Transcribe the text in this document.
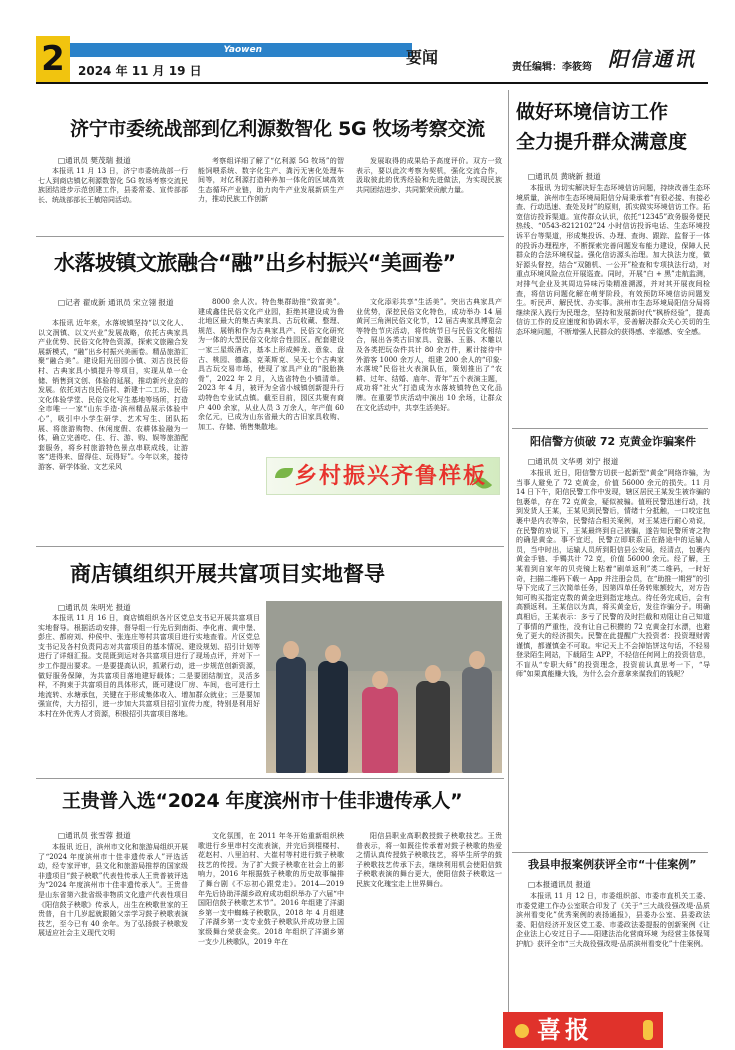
2	Yaowen
2024 年 11 月 19 日
要闻
责任编辑：李筱筠 阳信通讯
济宁市委统战部到亿利源数智化 5G 牧场考察交流
□通讯员 樊茂瑞 报道

本报讯 11 月 13 日，济宁市委统战部一行七人到商店镇亿利源数智化 5G 牧场考察交流民族团结进步示范创建工作，县委常委、宣传部部长、统战部部长王敏陪同活动。

考察组详细了解了“亿利源 5G 牧场”的智能饲喂系统、数字化生产、粪污无害化处理车间等，对亿利源打造种养加一体化的区域高效生态循环产业链，助力肉牛产业发展新质生产力，推动民族工作创新

发展取得的成果给予高度评价。双方一致表示，要以此次考察为契机，强化交流合作，汲取彼此的优秀经验和先进做法，为实现民族共同团结进步、共同繁荣贡献力量。

水落坡镇文旅融合“融”出乡村振兴“美画卷”
□记者 翟成新 通讯员 宋立翎 报道

本报讯 近年来，水落坡镇坚持“以文化人、以文润镇、以文兴业”发展战略，依托古典家具产业优势、民俗文化特色资源，探索文旅融合发展新模式，“融”出乡村振兴美画卷。精品旅游汇聚“融合美”。建设阳光田园小镇、刘古良民俗村、古典家具小镇提升等项目，实现从单一仓储、销售到文创、体验的延展，推动新兴业态的发展。依托刘古良民俗村、新建十二工坊、民俗文化体验学堂、民俗文化写生基地等场所，打造全市唯一一家“山东手造·滨州精品展示体验中心”，吸引中小学生研学、艺术写生、团队拓展、将旅游购物、休闲度假、农耕体验融为一体，确立完善吃、住、行、游、购、娱等旅游配套服务，将乡村旅游特色景点串联成线，让游客“进得来、留得住、玩得好”。今年以来，接待游客、研学体验、文艺采风

8000 余人次。特色集群助推“致富美”。建成鑫佳民俗文化产业园，拒绝其建设成为鲁北地区最大的集古典家具、古玩收藏、整理、规范、展销和作为古典家具产、民俗文化研究为一体的大型民俗文化综合性园区。配套建设一家三星级酒店，基本上形成鲜龙、意象、盘古、桃园、德鑫、克莱斯克、吴天七个古典家具古玩交易市场，使现了家具产业的“脱胎换骨”，2022 年 2 月，入选省特色小镇清单。2023 年 4 月，被评为全省小城镇创新提升行动特色专业试点镇。截至目前，园区共聚有商户 400 余家，从业人员 3 万余人，年产值 60 余亿元，已成为山东省最大的古旧家具收购、加工、存储、销售集散地。

文化添彩共享“生活美”。突出古典家具产业优势，深挖民俗文化特色，成功举办 14 届黄河三角洲民俗文化节，12 届古典家具博览会等特色节庆活动，将传统节日与民俗文化相结合，展出各类古旧家具、瓷器、玉器、木雕以及各类把玩杂件共计 80 余万件，累计接待中外游客 1000 余万人，组建 200 余人的“印象·水落坡”民俗社火表演队伍，策划推出了“农耕、过年、结婚、庙年、青年”五个表演主题，成功将“社火”打造成为水落坡镇特色文化品牌。在重要节庆活动中演出 10 余场，让群众在文化活动中，共享生活美好。

乡村振兴齐鲁样板
商店镇组织开展共富项目实地督导
□通讯员 朱明光 报道

本报讯 11 月 16 日，商店镇组织各片区党总支书记开展共富项目实地督导。根据活动安排，督导组一行先后到南街、李化甫、黄中堡、彭庄、都府刘、仲侯中、张连庄等村共富项目进行实地查看。片区党总支书记及各村负责同志对共富项目的基本情况、建设规划、招引计划等进行了详细汇报。支昆既到运对各共富项目进行了现场点评，并对下一步工作提出要求。一是要提高认识，抓紧行动，进一步规范创新资源，做好服务保障，为共富项目落地建好载体；二是要团结制宜，灵活多样，不拘束于共富项目的具体形式，既可建设厂房、车间，也可进行土地流转、水塘承包，关键在于形成集体收入、增加群众就业；三是要加强宣传，大力招引，进一步加大共富项目招引宣传力度，特别是利用好本村在外优秀人才资源，积极招引共富项目落地。

王贵普入选“2024 年度滨州市十佳非遗传承人”
□通讯员 张雪蓉 报道

本报讯 近日，滨州市文化和旅游局组织开展了“2024 年度滨州市十佳非遗传承人”评选活动，经专家评审，县文化和旅游局推荐的国家级非遗项目“鼓子秧歌”代表性传承人王贵普被评选为“2024 年度滨州市十佳非遗传承人”。王贵普是山东省第六批省级非物质文化遗产代表性项目《阳信鼓子秧歌》传承人，出生在秧歌世家的王贵普，自十几岁起就跟随父亲学习鼓子秧歌表演技艺，至今已有 40 余年。为了弘扬鼓子秧歌发展适应社会主义现代文明

文化氛围，在 2011 年冬开始重新组织秧歌进行乡里串村交流表演，并完后到棍楼村、花赵村、八里泊村、大崔村等村进行鼓子秧歌技艺的传授。为了扩大鼓子秧歌在社会上的影响力，2016 年根据鼓子秧歌的历史故事编排了舞台剧《不忘初心跟党走》。2014—2019 年先后协助洋湖乡政府成功组织举办了六届“中国阳信鼓子秧歌艺术节”。2016 年组建了洋湖乡第一支中蜘蛛子秧歌队，2018 年 4 月组建了洋湖乡第一支专业鼓子秧歌队并成功登上国家级舞台荣获金奖。2018 年组织了洋湖乡第一支少儿秧歌队，2019 年在

阳信县职业高职教授鼓子秧歌技艺。王贵普表示，将一如既往传承着对鼓子秧歌的热爱之情认真传授鼓子秧歌技艺，将毕生所学的鼓子秧歌技艺传承下去，继续利用机会使阳信鼓子秧歌表演的舞台更大，使阳信鼓子秧歌这一民族文化瑰宝走上世界舞台。

做好环境信访工作
全力提升群众满意度
□通讯员 黄晓新 报道

本报讯 为切实解决好生态环境信访问题，持续改善生态环境质量，滨州市生态环境局阳信分局秉承着“有很必接、有接必查、行动迅速、查处及时”的原则，抓实做实环境信访工作。拓宽信访投诉渠道。宣传群众认识，依托“12345”政务服务便民热线、“0543-8212102”24 小时信访投诉电话、生态环境投诉平台等渠道，形成集投诉、办理、查询、跟踪、监督于一体的投诉办理程序，不断探索完善问题发布能力建设，保障人民群众的合法环境权益。强化信访源头治理。加大执法力度，做好源头督控，结合“双随机、一公开”检查和专项执法行动，对重点环境风险点位开展巡查。同时，开展“白 + 黑”走航监测，对排气企业及其周边异味污染精准溯源，并对其开展夜间检查，将信访问题化解在萌芽阶段，有效预防环境信访问题发生。听民声、解民忧、办实事。滨州市生态环境局阳信分局将继续深入践行为民理念，坚持和发展新时代“枫桥经验”，提高信访工作的反应速度和协调水平，妥善解决群众关心关切的生态环境问题，不断增强人民群众的获得感、幸福感、安全感。

阳信警方侦破 72 克黄金诈骗案件
□通讯员 文华勇 刘宁 报道

本报讯 近日，阳信警方切获一起新型“黄金”网络诈骗，为当事人避免了 72 克黄金，价值 56000 余元的损失。11 月 14 日下午，阳信民警工作中发现，辖区居民王某发生被诈骗的包裹单，存在 72 克黄金，疑似被骗。值班民警迅速行动，找到发货人王某，王某见到民警后，情绪十分抵触，一口咬定包裹中是内衣等杂，民警结合相关案例，对王某进行耐心劝说，在民警的劝说下，王某最终到自己被骗，遂告知民警所寄之物的确是黄金。事不宜迟，民警立即联系正在路途中的运输人员，当中时出，运输人员所到阳信县公安局，经清点，包裹内黄金手链、手镯共计 72 克，价值 56000 余元。经了解，王某看到自家年的贝壳镜上粘着“刷单返利”类二维码，一时好奇，扫描二维码下载一 App 并注册会员，在“助推一期营”的引导下完成了三次简单任务，因第四单任务转账额较大，对方告知可购买指定克数的黄金进到指定地点。待任务完成后，会有高额返利。王某信以为真，将买黄金后，发往诈骗分子。明确真相后，王某表示：多亏了民警的及时拦截和劝阻让自己知道了事情的严重性，没有让自己积攒的 72 克黄金打水漂，也避免了更大的经济损失。民警在此提醒广大投资者：投资理财需谨慎，都谨慎金不可取。牢记天上不会掉馅饼这句话，不轻易登录陌生网站，下载陌生 APP，不轻信任何网上的投资信息，不盲从“专职大师”的投资理念，投资前认真思考一下，“导师”如果真能赚大钱，为什么会介意拿来谋我们的钱呢？

我县申报案例获评全市“十佳案例”
□本报通讯员 报道

本报讯 11 月 12 日，市委组织部、市委市直机关工委、市委党建工作办公室联合印发了《关于“三大战役强改堤·品质滨州看变化”优秀案例的表扬通报》，县委办公室、县委政法委、阳信经济开发区党工委、市委政法委提报的创新案例《让企业法上心安过日子——阳建法治化营商环境 为经营主体保驾护航》获评全市“三大战役强改堤·品质滨州看变化”十佳案例。

喜报
